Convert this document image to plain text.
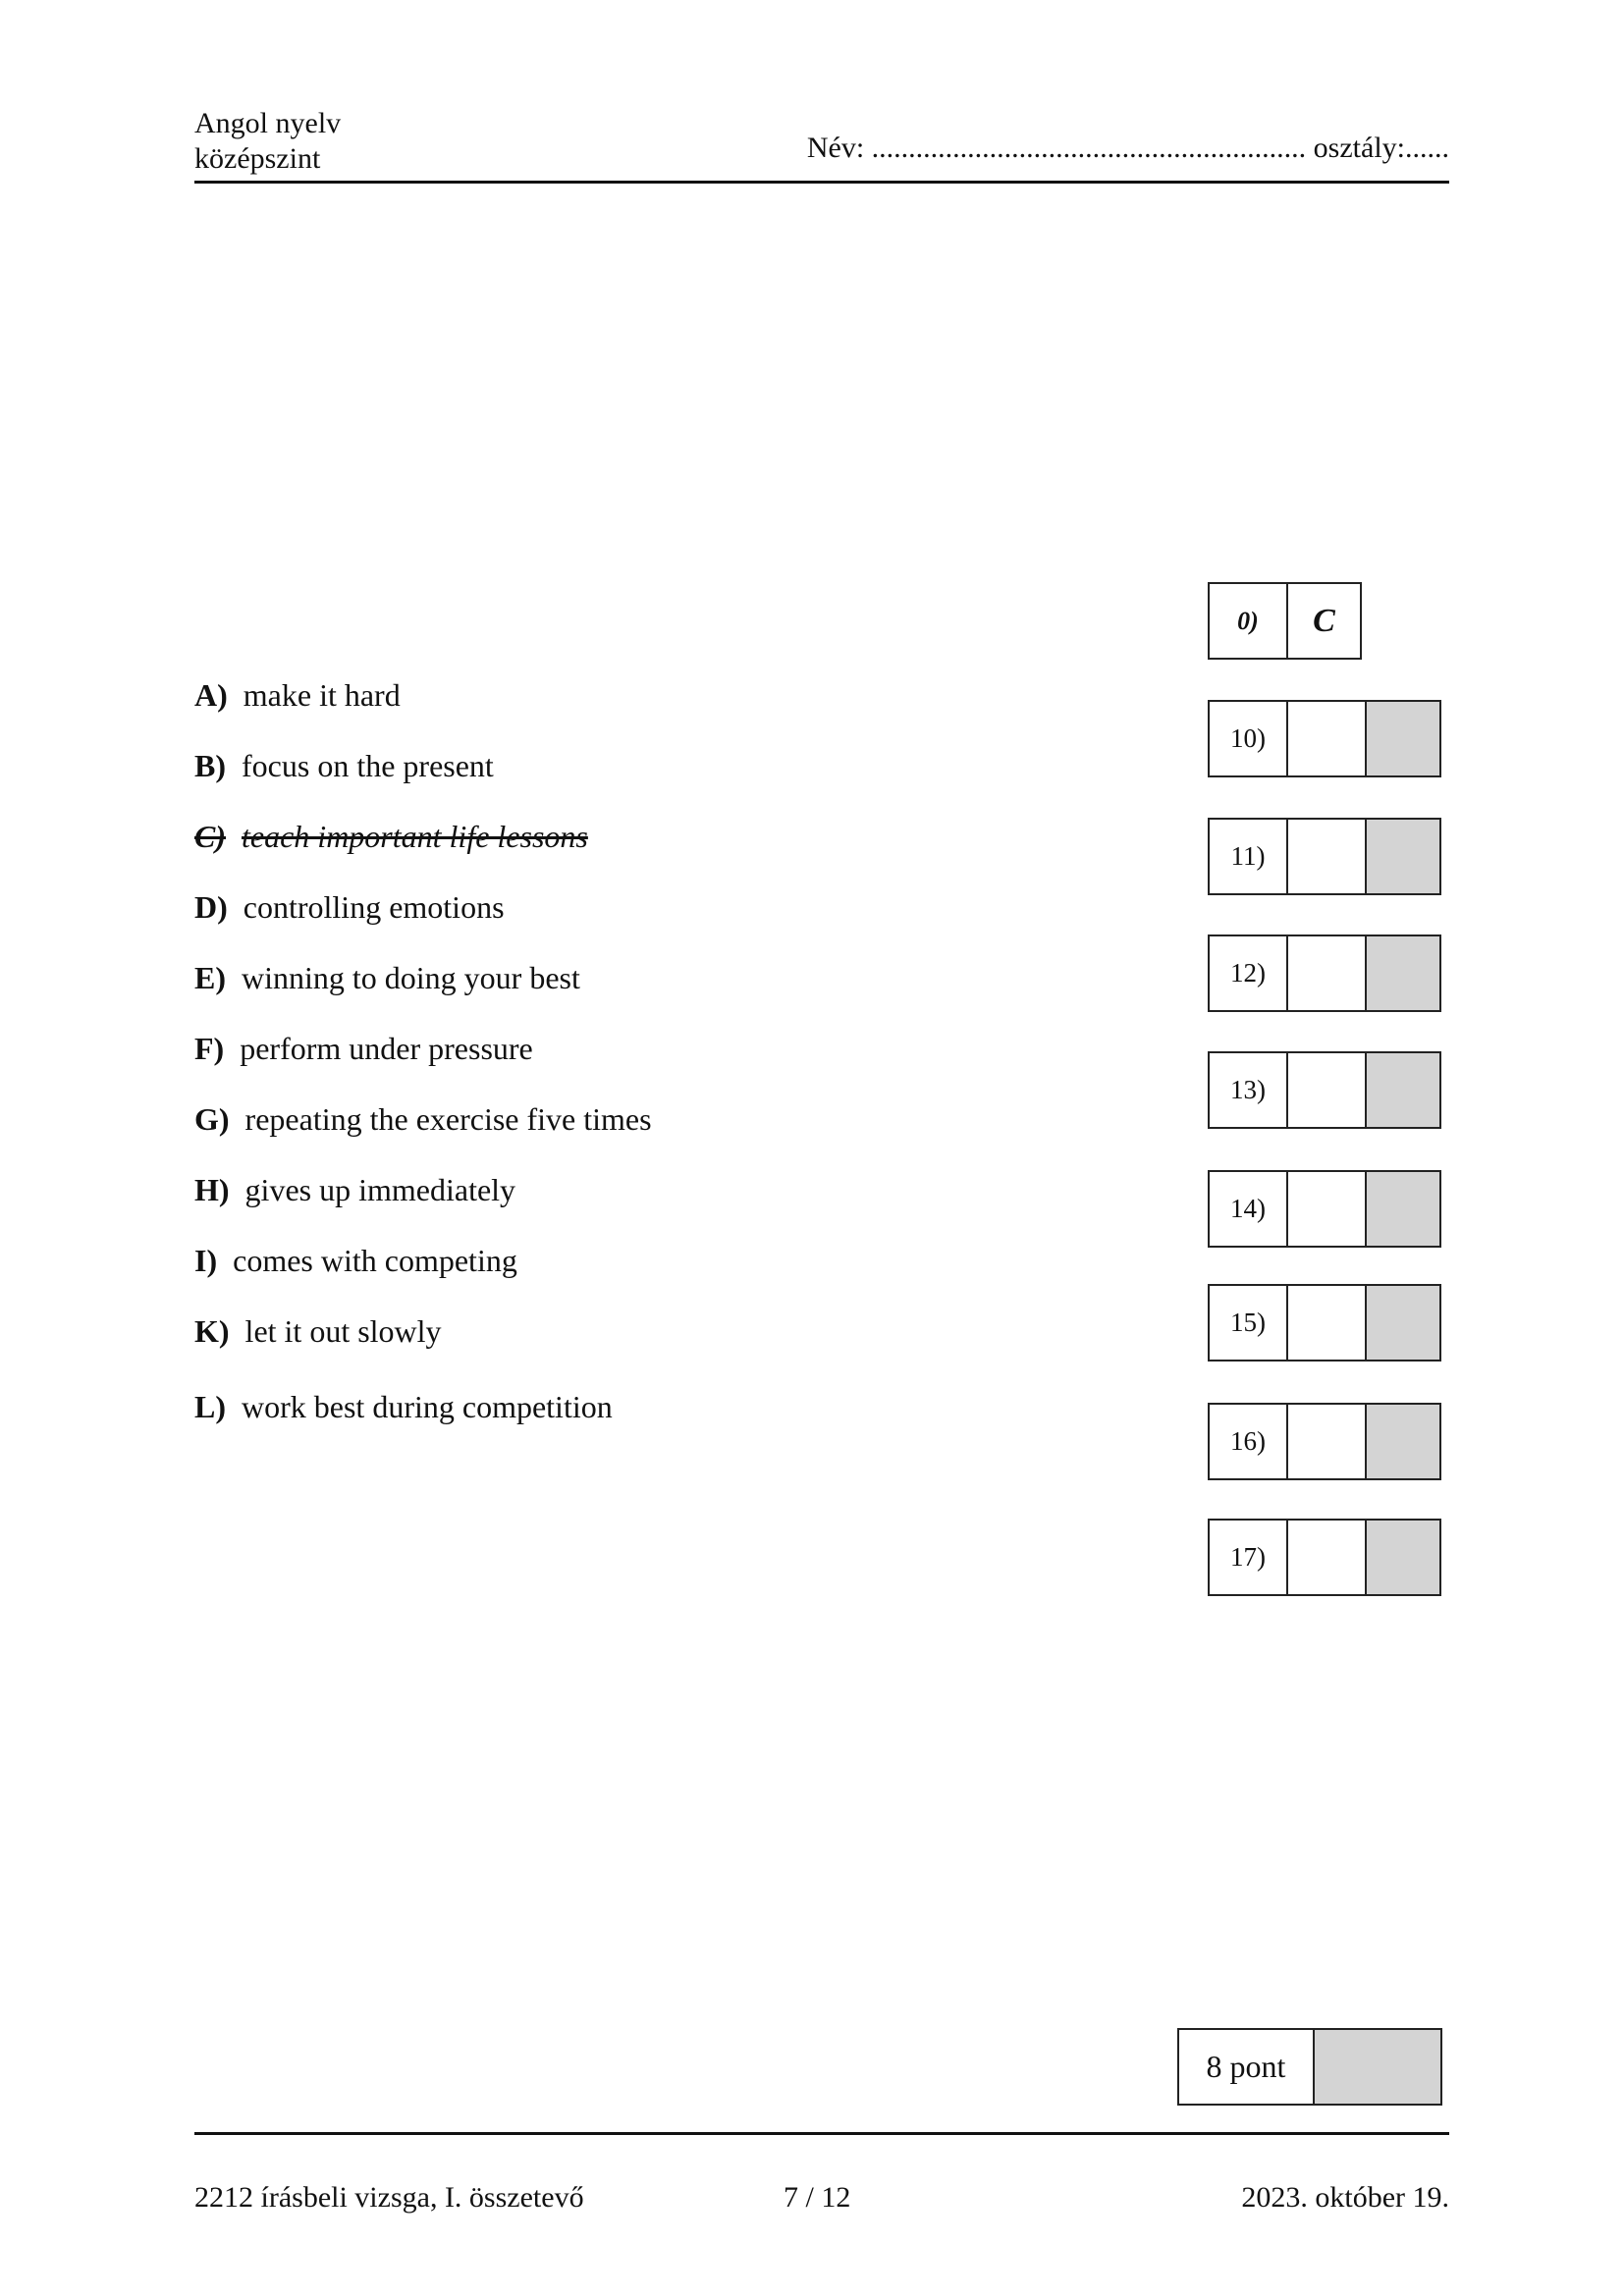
Angol nyelv
középszint	Név: ........................................................... osztály:......
A) make it hard
B) focus on the present
C) teach important life lessons
D) controlling emotions
E) winning to doing your best
F) perform under pressure
G) repeating the exercise five times
H) gives up immediately
I) comes with competing
K) let it out slowly
L) work best during competition
0)	C
10)
11)
12)
13)
14)
15)
16)
17)
8 pont
2212 írásbeli vizsga, I. összetevő	7 / 12	2023. október 19.
